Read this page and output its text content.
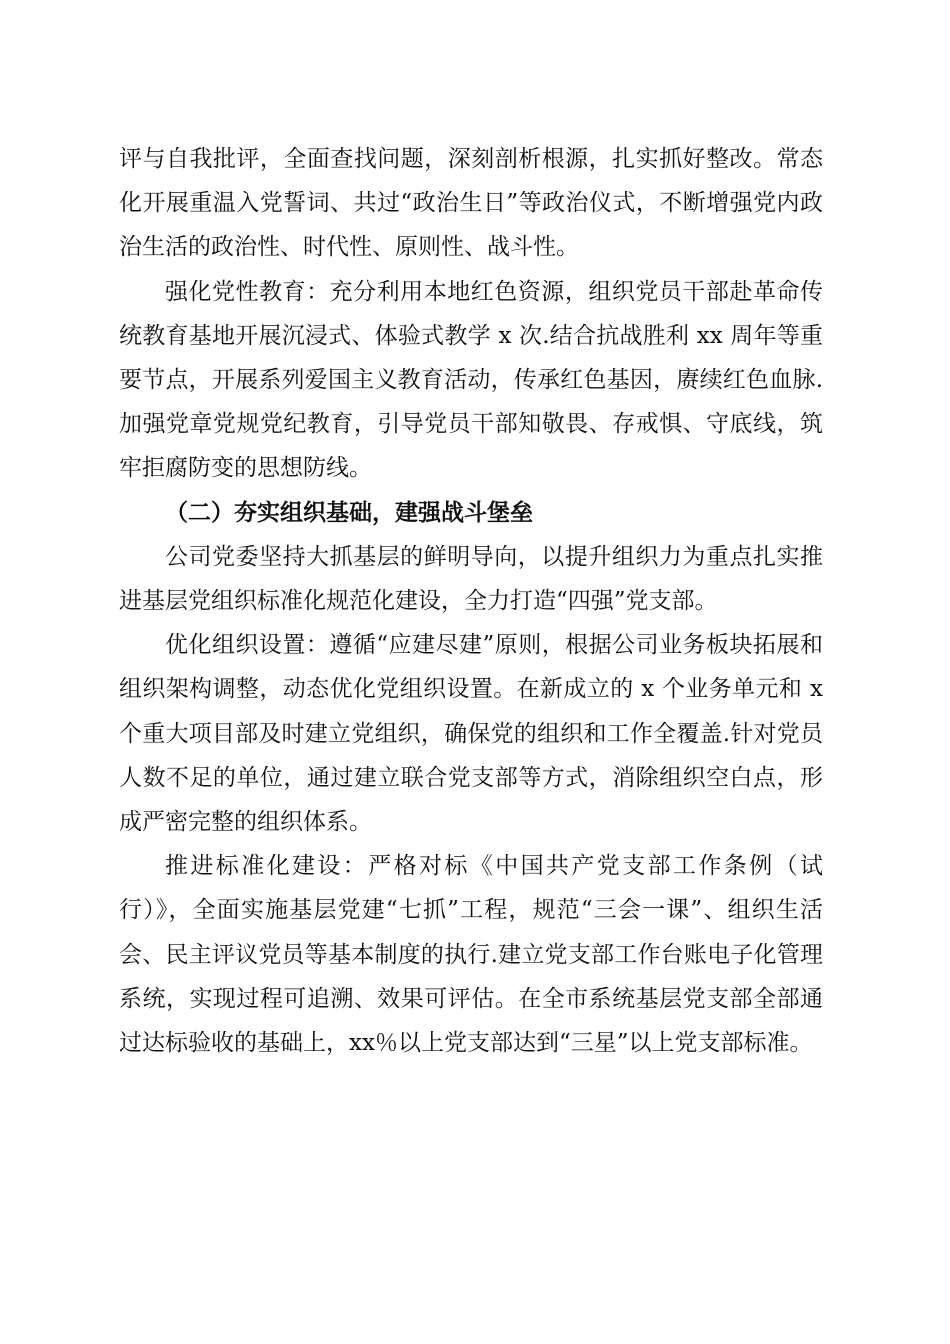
评与自我批评，全面查找问题，深刻剖析根源，扎实抓好整改。常态化开展重温入党誓词、共过“政治生日”等政治仪式，不断增强党内政治生活的政治性、时代性、原则性、战斗性。

强化党性教育：充分利用本地红色资源，组织党员干部赴革命传统教育基地开展沉浸式、体验式教学 x 次.结合抗战胜利 xx 周年等重要节点，开展系列爱国主义教育活动，传承红色基因，赓续红色血脉.加强党章党规党纪教育，引导党员干部知敬畏、存戒惧、守底线，筑牢拒腐防变的思想防线。

（二）夯实组织基础，建强战斗堡垒

公司党委坚持大抓基层的鲜明导向，以提升组织力为重点扎实推进基层党组织标准化规范化建设，全力打造“四强”党支部。

优化组织设置：遵循“应建尽建”原则，根据公司业务板块拓展和组织架构调整，动态优化党组织设置。在新成立的 x 个业务单元和 x 个重大项目部及时建立党组织，确保党的组织和工作全覆盖.针对党员人数不足的单位，通过建立联合党支部等方式，消除组织空白点，形成严密完整的组织体系。

推进标准化建设：严格对标《中国共产党支部工作条例（试行）》，全面实施基层党建“七抓”工程，规范“三会一课”、组织生活会、民主评议党员等基本制度的执行.建立党支部工作台账电子化管理系统，实现过程可追溯、效果可评估。在全市系统基层党支部全部通过达标验收的基础上，xx％以上党支部达到“三星”以上党支部标准。
